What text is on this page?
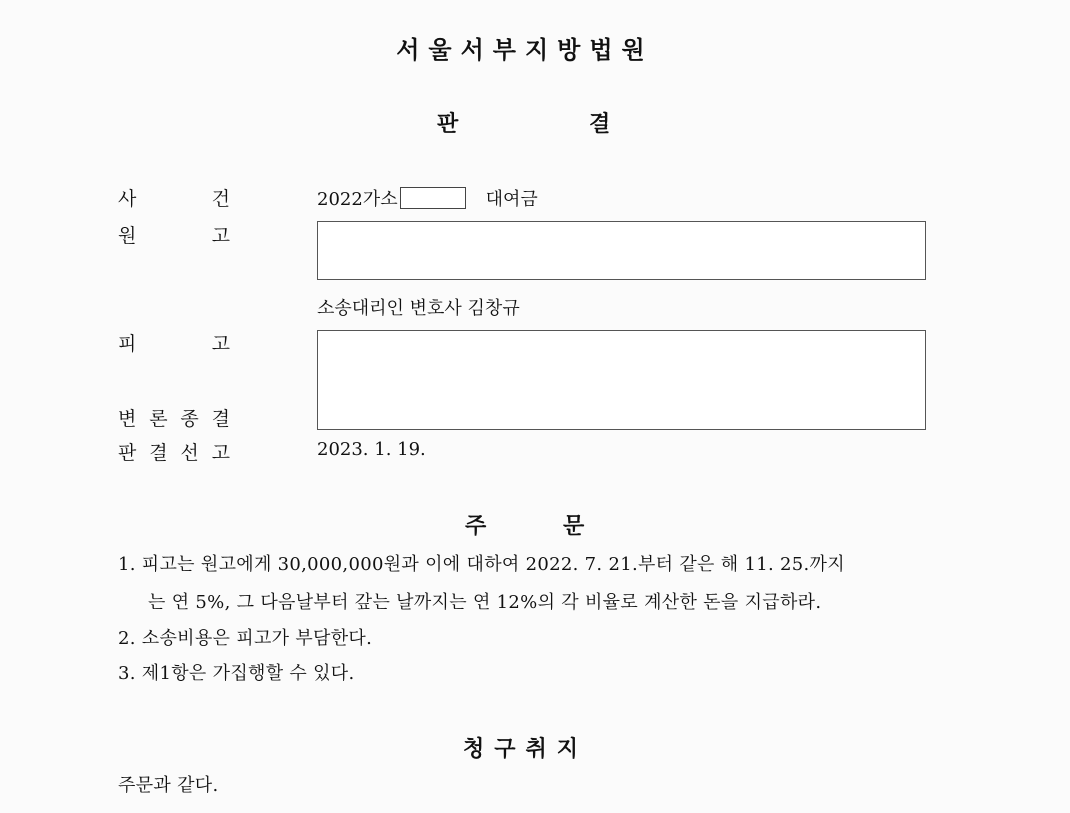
서울서부지방법원
판	결
사	건	2022가소	대여금
원	고
소송대리인 변호사 김창규
피	고
변 론 종 결
판 결 선 고	2023. 1. 19.
주	문
1. 피고는 원고에게 30,000,000원과 이에 대하여 2022. 7. 21.부터 같은 해 11. 25.까지
는 연 5%, 그 다음날부터 갚는 날까지는 연 12%의 각 비율로 계산한 돈을 지급하라.
2. 소송비용은 피고가 부담한다.
3. 제1항은 가집행할 수 있다.
청구취지
주문과 같다.
